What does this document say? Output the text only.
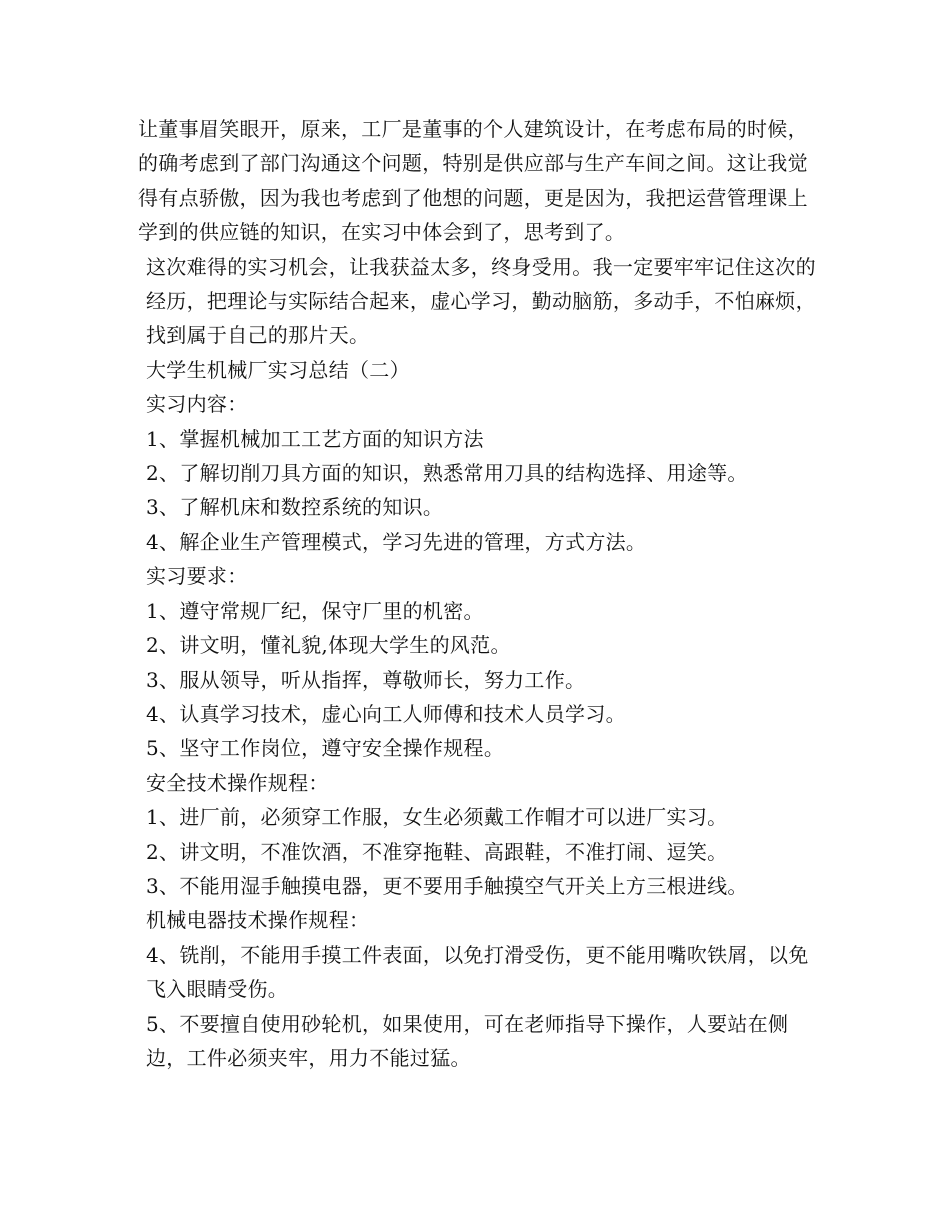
让董事眉笑眼开，原来，工厂是董事的个人建筑设计，在考虑布局的时候，的确考虑到了部门沟通这个问题，特别是供应部与生产车间之间。这让我觉得有点骄傲，因为我也考虑到了他想的问题，更是因为，我把运营管理课上学到的供应链的知识，在实习中体会到了，思考到了。

这次难得的实习机会，让我获益太多，终身受用。我一定要牢牢记住这次的经历，把理论与实际结合起来，虚心学习，勤动脑筋，多动手，不怕麻烦，找到属于自己的那片天。

大学生机械厂实习总结（二）

实习内容：

1、掌握机械加工工艺方面的知识方法

2、了解切削刀具方面的知识，熟悉常用刀具的结构选择、用途等。

3、了解机床和数控系统的知识。

4、解企业生产管理模式，学习先进的管理，方式方法。

实习要求：

1、遵守常规厂纪，保守厂里的机密。

2、讲文明，懂礼貌,体现大学生的风范。

3、服从领导，听从指挥，尊敬师长，努力工作。

4、认真学习技术，虚心向工人师傅和技术人员学习。

5、坚守工作岗位，遵守安全操作规程。

安全技术操作规程：

1、进厂前，必须穿工作服，女生必须戴工作帽才可以进厂实习。

2、讲文明，不准饮酒，不准穿拖鞋、高跟鞋，不准打闹、逗笑。

3、不能用湿手触摸电器，更不要用手触摸空气开关上方三根进线。

机械电器技术操作规程：

4、铣削，不能用手摸工件表面，以免打滑受伤，更不能用嘴吹铁屑，以免飞入眼睛受伤。

5、不要擅自使用砂轮机，如果使用，可在老师指导下操作，人要站在侧边，工件必须夹牢，用力不能过猛。
